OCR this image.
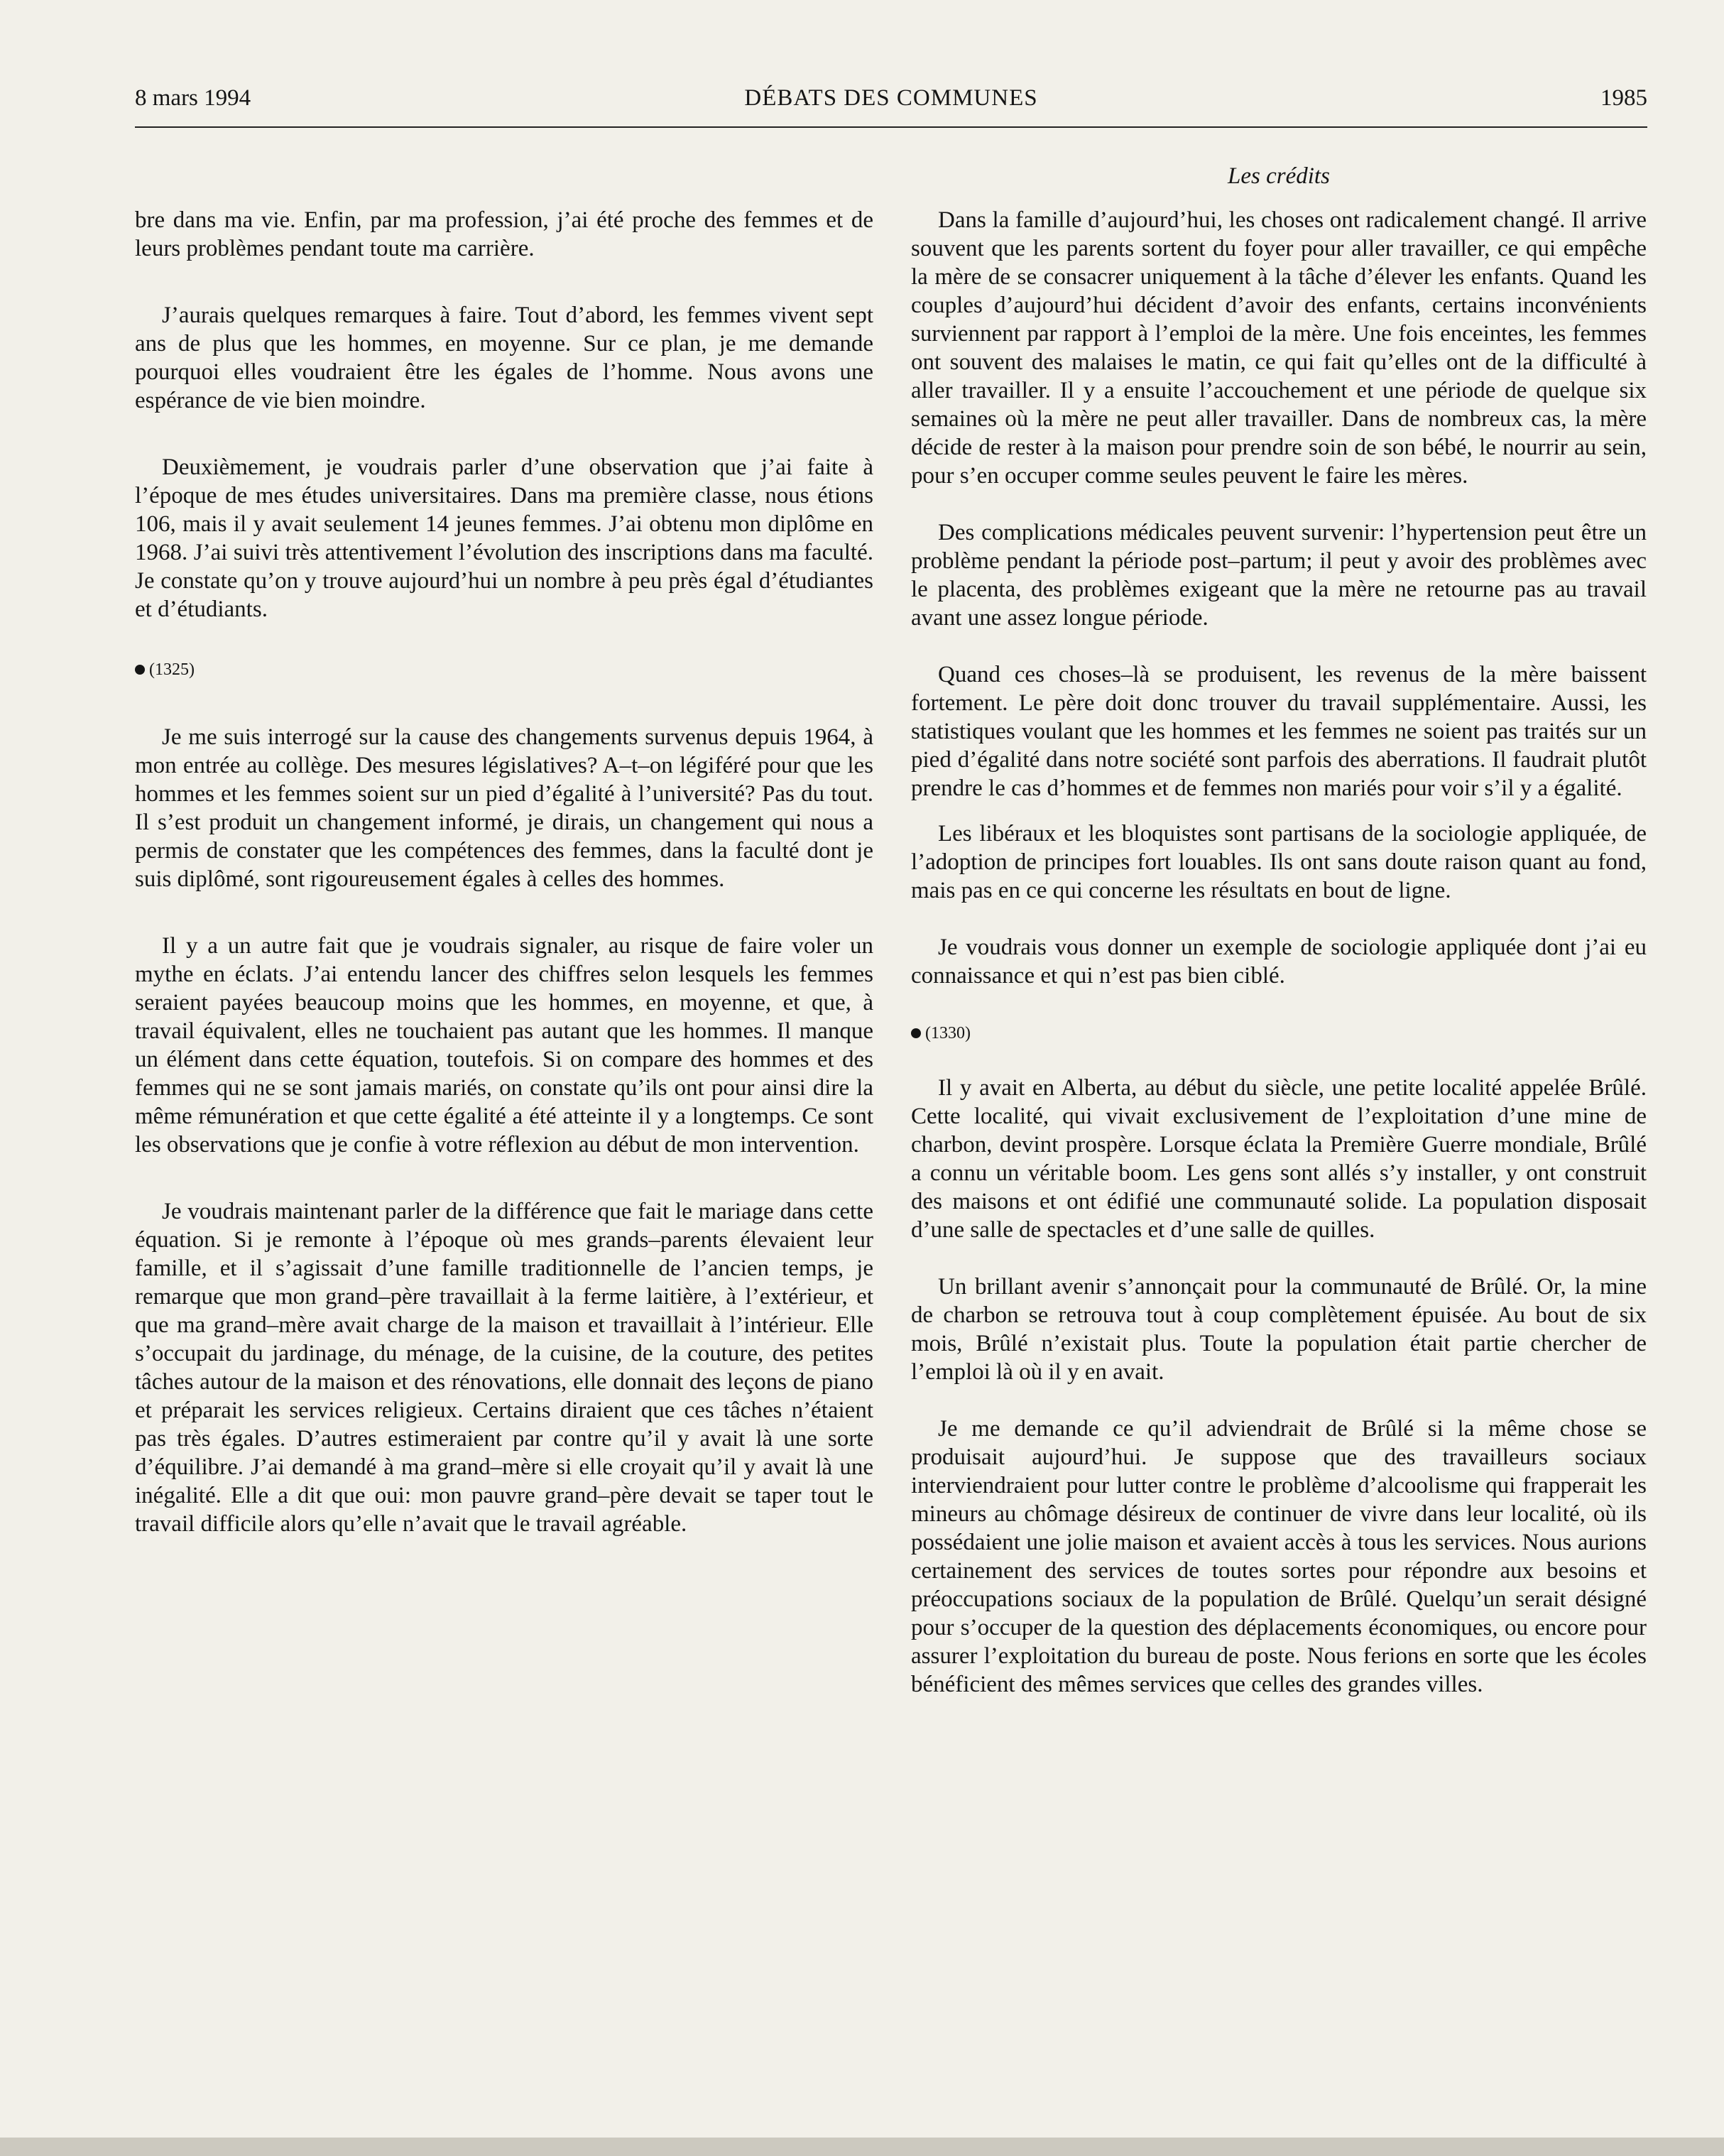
8 mars 1994	DÉBATS DES COMMUNES	1985
Les crédits

bre dans ma vie. Enfin, par ma profession, j’ai été proche des femmes et de leurs problèmes pendant toute ma carrière.

J’aurais quelques remarques à faire. Tout d’abord, les femmes vivent sept ans de plus que les hommes, en moyenne. Sur ce plan, je me demande pourquoi elles voudraient être les égales de l’homme. Nous avons une espérance de vie bien moindre.

Deuxièmement, je voudrais parler d’une observation que j’ai faite à l’époque de mes études universitaires. Dans ma première classe, nous étions 106, mais il y avait seulement 14 jeunes femmes. J’ai obtenu mon diplôme en 1968. J’ai suivi très attentivement l’évolution des inscriptions dans ma faculté. Je constate qu’on y trouve aujourd’hui un nombre à peu près égal d’étudiantes et d’étudiants.

(1325)

Je me suis interrogé sur la cause des changements survenus depuis 1964, à mon entrée au collège. Des mesures législatives? A–t–on légiféré pour que les hommes et les femmes soient sur un pied d’égalité à l’université? Pas du tout. Il s’est produit un changement informé, je dirais, un changement qui nous a permis de constater que les compétences des femmes, dans la faculté dont je suis diplômé, sont rigoureusement égales à celles des hommes.

Il y a un autre fait que je voudrais signaler, au risque de faire voler un mythe en éclats. J’ai entendu lancer des chiffres selon lesquels les femmes seraient payées beaucoup moins que les hommes, en moyenne, et que, à travail équivalent, elles ne touchaient pas autant que les hommes. Il manque un élément dans cette équation, toutefois. Si on compare des hommes et des femmes qui ne se sont jamais mariés, on constate qu’ils ont pour ainsi dire la même rémunération et que cette égalité a été atteinte il y a longtemps. Ce sont les observations que je confie à votre réflexion au début de mon intervention.

Je voudrais maintenant parler de la différence que fait le mariage dans cette équation. Si je remonte à l’époque où mes grands–parents élevaient leur famille, et il s’agissait d’une famille traditionnelle de l’ancien temps, je remarque que mon grand–père travaillait à la ferme laitière, à l’extérieur, et que ma grand–mère avait charge de la maison et travaillait à l’intérieur. Elle s’occupait du jardinage, du ménage, de la cuisine, de la couture, des petites tâches autour de la maison et des rénovations, elle donnait des leçons de piano et préparait les services religieux. Certains diraient que ces tâches n’étaient pas très égales. D’autres estimeraient par contre qu’il y avait là une sorte d’équilibre. J’ai demandé à ma grand–mère si elle croyait qu’il y avait là une inégalité. Elle a dit que oui: mon pauvre grand–père devait se taper tout le travail difficile alors qu’elle n’avait que le travail agréable.

Dans la famille d’aujourd’hui, les choses ont radicalement changé. Il arrive souvent que les parents sortent du foyer pour aller travailler, ce qui empêche la mère de se consacrer uniquement à la tâche d’élever les enfants. Quand les couples d’aujourd’hui décident d’avoir des enfants, certains inconvénients surviennent par rapport à l’emploi de la mère. Une fois enceintes, les femmes ont souvent des malaises le matin, ce qui fait qu’elles ont de la difficulté à aller travailler. Il y a ensuite l’accouchement et une période de quelque six semaines où la mère ne peut aller travailler. Dans de nombreux cas, la mère décide de rester à la maison pour prendre soin de son bébé, le nourrir au sein, pour s’en occuper comme seules peuvent le faire les mères.

Des complications médicales peuvent survenir: l’hypertension peut être un problème pendant la période post–partum; il peut y avoir des problèmes avec le placenta, des problèmes exigeant que la mère ne retourne pas au travail avant une assez longue période.

Quand ces choses–là se produisent, les revenus de la mère baissent fortement. Le père doit donc trouver du travail supplémentaire. Aussi, les statistiques voulant que les hommes et les femmes ne soient pas traités sur un pied d’égalité dans notre société sont parfois des aberrations. Il faudrait plutôt prendre le cas d’hommes et de femmes non mariés pour voir s’il y a égalité.

Les libéraux et les bloquistes sont partisans de la sociologie appliquée, de l’adoption de principes fort louables. Ils ont sans doute raison quant au fond, mais pas en ce qui concerne les résultats en bout de ligne.

Je voudrais vous donner un exemple de sociologie appliquée dont j’ai eu connaissance et qui n’est pas bien ciblé.

(1330)

Il y avait en Alberta, au début du siècle, une petite localité appelée Brûlé. Cette localité, qui vivait exclusivement de l’exploitation d’une mine de charbon, devint prospère. Lorsque éclata la Première Guerre mondiale, Brûlé a connu un véritable boom. Les gens sont allés s’y installer, y ont construit des maisons et ont édifié une communauté solide. La population disposait d’une salle de spectacles et d’une salle de quilles.

Un brillant avenir s’annonçait pour la communauté de Brûlé. Or, la mine de charbon se retrouva tout à coup complètement épuisée. Au bout de six mois, Brûlé n’existait plus. Toute la population était partie chercher de l’emploi là où il y en avait.

Je me demande ce qu’il adviendrait de Brûlé si la même chose se produisait aujourd’hui. Je suppose que des travailleurs sociaux interviendraient pour lutter contre le problème d’alcoolisme qui frapperait les mineurs au chômage désireux de continuer de vivre dans leur localité, où ils possédaient une jolie maison et avaient accès à tous les services. Nous aurions certainement des services de toutes sortes pour répondre aux besoins et préoccupations sociaux de la population de Brûlé. Quelqu’un serait désigné pour s’occuper de la question des déplacements économiques, ou encore pour assurer l’exploitation du bureau de poste. Nous ferions en sorte que les écoles bénéficient des mêmes services que celles des grandes villes.
